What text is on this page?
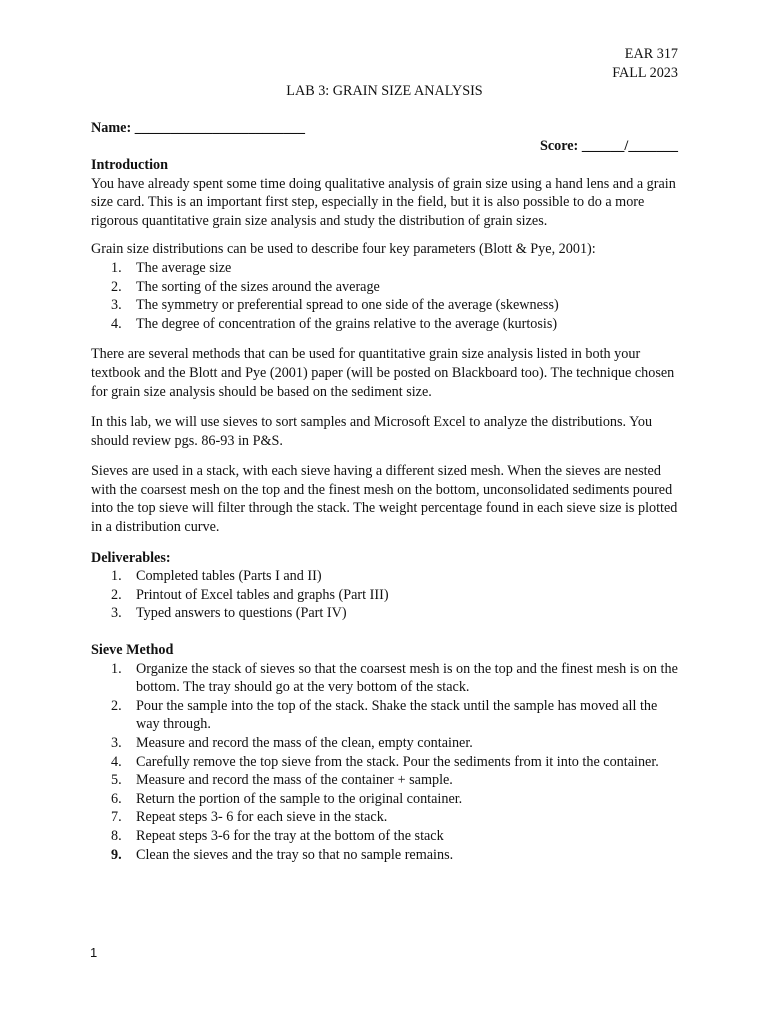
EAR 317

FALL 2023

LAB 3: GRAIN SIZE ANALYSIS

Name: ________________________

Score: ______/_______

Introduction

You have already spent some time doing qualitative analysis of grain size using a hand lens and a grain size card. This is an important first step, especially in the field, but it is also possible to do a more rigorous quantitative grain size analysis and study the distribution of grain sizes.

Grain size distributions can be used to describe four key parameters (Blott & Pye, 2001):

1.	The average size
2.	The sorting of the sizes around the average
3.	The symmetry or preferential spread to one side of the average (skewness)
4.	The degree of concentration of the grains relative to the average (kurtosis)

There are several methods that can be used for quantitative grain size analysis listed in both your textbook and the Blott and Pye (2001) paper (will be posted on Blackboard too). The technique chosen for grain size analysis should be based on the sediment size.

In this lab, we will use sieves to sort samples and Microsoft Excel to analyze the distributions. You should review pgs. 86-93 in P&S.

Sieves are used in a stack, with each sieve having a different sized mesh. When the sieves are nested with the coarsest mesh on the top and the finest mesh on the bottom, unconsolidated sediments poured into the top sieve will filter through the stack. The weight percentage found in each sieve size is plotted in a distribution curve.

Deliverables:

1.	Completed tables (Parts I and II)
2.	Printout of Excel tables and graphs (Part III)
3.	Typed answers to questions (Part IV)

Sieve Method

1.	Organize the stack of sieves so that the coarsest mesh is on the top and the finest mesh is on the bottom. The tray should go at the very bottom of the stack.
2.	Pour the sample into the top of the stack. Shake the stack until the sample has moved all the way through.
3.	Measure and record the mass of the clean, empty container.
4.	Carefully remove the top sieve from the stack. Pour the sediments from it into the container.
5.	Measure and record the mass of the container + sample.
6.	Return the portion of the sample to the original container.
7.	Repeat steps 3- 6 for each sieve in the stack.
8.	Repeat steps 3-6 for the tray at the bottom of the stack
9.	Clean the sieves and the tray so that no sample remains.
1
